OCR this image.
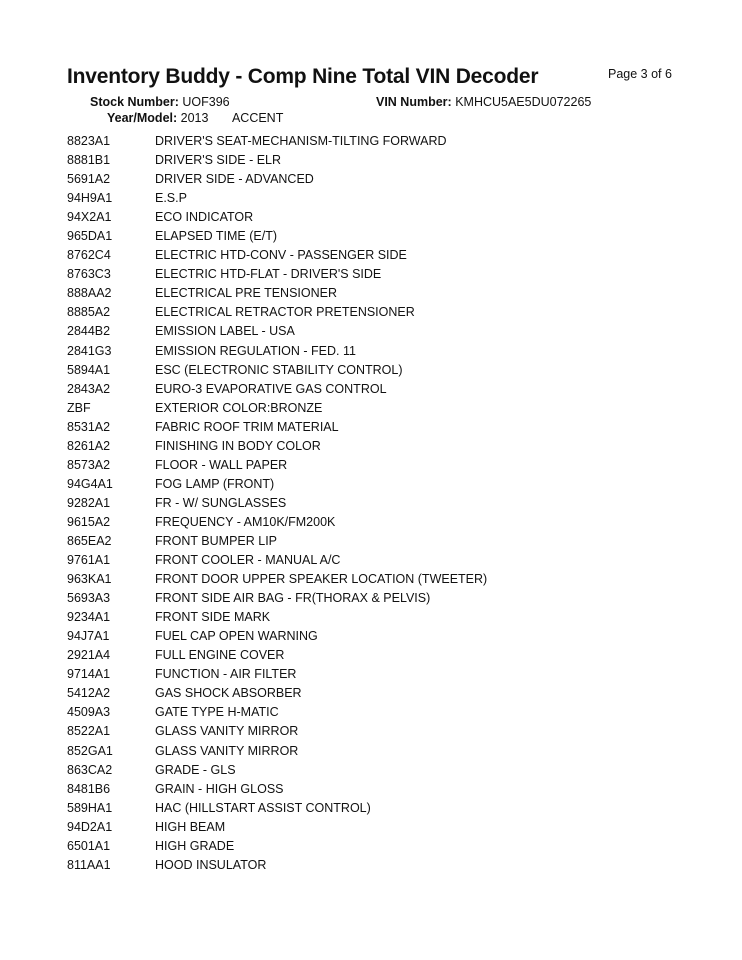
Inventory Buddy - Comp Nine Total VIN Decoder	Page 3 of 6
Stock Number: UOF396	VIN Number: KMHCU5AE5DU072265
Year/Model: 2013 ACCENT
8823A1	DRIVER'S SEAT-MECHANISM-TILTING FORWARD
8881B1	DRIVER'S SIDE - ELR
5691A2	DRIVER SIDE - ADVANCED
94H9A1	E.S.P
94X2A1	ECO INDICATOR
965DA1	ELAPSED TIME (E/T)
8762C4	ELECTRIC HTD-CONV - PASSENGER SIDE
8763C3	ELECTRIC HTD-FLAT - DRIVER'S SIDE
888AA2	ELECTRICAL PRE TENSIONER
8885A2	ELECTRICAL RETRACTOR PRETENSIONER
2844B2	EMISSION LABEL - USA
2841G3	EMISSION REGULATION - FED. 11
5894A1	ESC (ELECTRONIC STABILITY CONTROL)
2843A2	EURO-3 EVAPORATIVE GAS CONTROL
ZBF	EXTERIOR COLOR:BRONZE
8531A2	FABRIC ROOF TRIM MATERIAL
8261A2	FINISHING IN BODY COLOR
8573A2	FLOOR - WALL PAPER
94G4A1	FOG LAMP (FRONT)
9282A1	FR - W/ SUNGLASSES
9615A2	FREQUENCY - AM10K/FM200K
865EA2	FRONT BUMPER LIP
9761A1	FRONT COOLER - MANUAL A/C
963KA1	FRONT DOOR UPPER SPEAKER LOCATION (TWEETER)
5693A3	FRONT SIDE AIR BAG - FR(THORAX & PELVIS)
9234A1	FRONT SIDE MARK
94J7A1	FUEL CAP OPEN WARNING
2921A4	FULL ENGINE COVER
9714A1	FUNCTION - AIR FILTER
5412A2	GAS SHOCK ABSORBER
4509A3	GATE TYPE H-MATIC
8522A1	GLASS VANITY MIRROR
852GA1	GLASS VANITY MIRROR
863CA2	GRADE - GLS
8481B6	GRAIN - HIGH GLOSS
589HA1	HAC (HILLSTART ASSIST CONTROL)
94D2A1	HIGH BEAM
6501A1	HIGH GRADE
811AA1	HOOD INSULATOR
